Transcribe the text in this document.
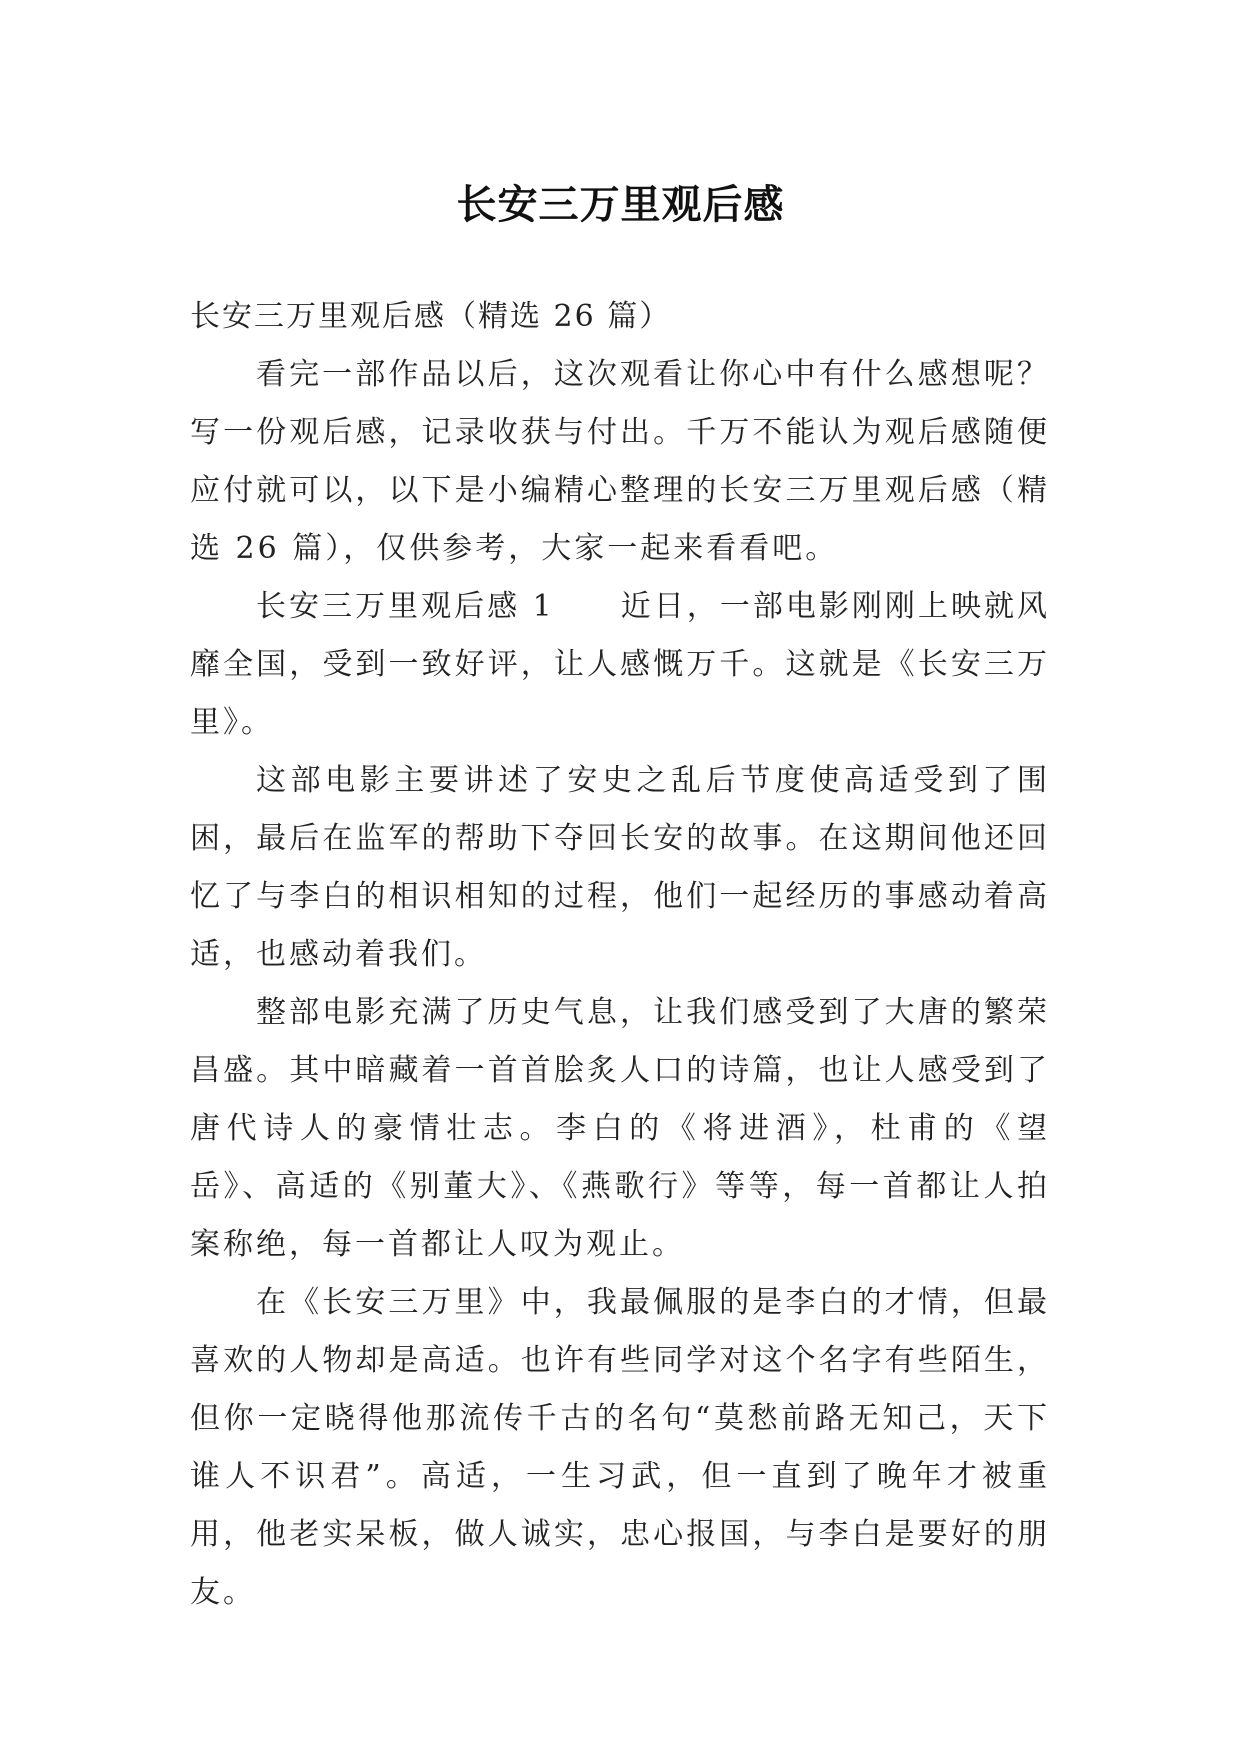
长安三万里观后感

长安三万里观后感（精选 26 篇）

看完一部作品以后，这次观看让你心中有什么感想呢？写一份观后感，记录收获与付出。千万不能认为观后感随便应付就可以，以下是小编精心整理的长安三万里观后感（精选 26 篇），仅供参考，大家一起来看看吧。

长安三万里观后感 1　　近日，一部电影刚刚上映就风靡全国，受到一致好评，让人感慨万千。这就是《长安三万里》。

这部电影主要讲述了安史之乱后节度使高适受到了围困，最后在监军的帮助下夺回长安的故事。在这期间他还回忆了与李白的相识相知的过程，他们一起经历的事感动着高适，也感动着我们。

整部电影充满了历史气息，让我们感受到了大唐的繁荣昌盛。其中暗藏着一首首脍炙人口的诗篇，也让人感受到了唐代诗人的豪情壮志。李白的《将进酒》，杜甫的《望岳》、高适的《别董大》、《燕歌行》等等，每一首都让人拍案称绝，每一首都让人叹为观止。

在《长安三万里》中，我最佩服的是李白的才情，但最喜欢的人物却是高适。也许有些同学对这个名字有些陌生，但你一定晓得他那流传千古的名句“莫愁前路无知己，天下谁人不识君”。高适，一生习武，但一直到了晚年才被重用，他老实呆板，做人诚实，忠心报国，与李白是要好的朋友。
